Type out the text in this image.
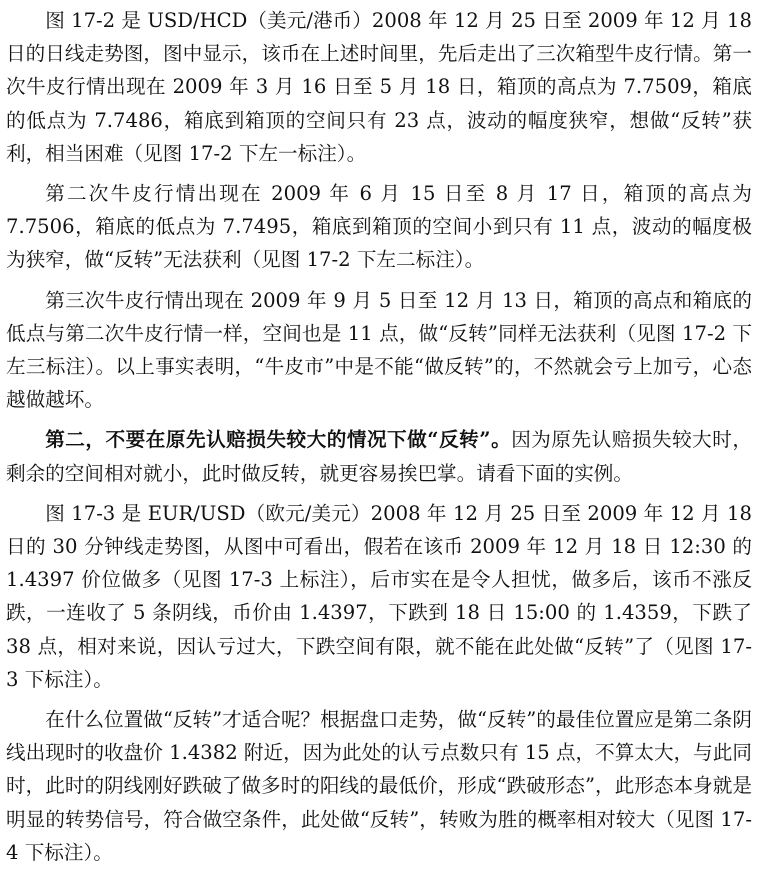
图 17-2 是 USD/HCD（美元/港币）2008 年 12 月 25 日至 2009 年 12 月 18 日的日线走势图，图中显示，该币在上述时间里，先后走出了三次箱型牛皮行情。第一次牛皮行情出现在 2009 年 3 月 16 日至 5 月 18 日，箱顶的高点为 7.7509，箱底的低点为 7.7486，箱底到箱顶的空间只有 23 点，波动的幅度狭窄，想做“反转”获利，相当困难（见图 17-2 下左一标注）。

第二次牛皮行情出现在 2009 年 6 月 15 日至 8 月 17 日，箱顶的高点为 7.7506，箱底的低点为 7.7495，箱底到箱顶的空间小到只有 11 点，波动的幅度极为狭窄，做“反转”无法获利（见图 17-2 下左二标注）。

第三次牛皮行情出现在 2009 年 9 月 5 日至 12 月 13 日，箱顶的高点和箱底的低点与第二次牛皮行情一样，空间也是 11 点，做“反转”同样无法获利（见图 17-2 下左三标注）。以上事实表明，“牛皮市”中是不能“做反转”的，不然就会亏上加亏，心态越做越坏。

第二，不要在原先认赔损失较大的情况下做“反转”。因为原先认赔损失较大时，剩余的空间相对就小，此时做反转，就更容易挨巴掌。请看下面的实例。

图 17-3 是 EUR/USD（欧元/美元）2008 年 12 月 25 日至 2009 年 12 月 18 日的 30 分钟线走势图，从图中可看出，假若在该币 2009 年 12 月 18 日 12:30 的 1.4397 价位做多（见图 17-3 上标注），后市实在是令人担忧，做多后，该币不涨反跌，一连收了 5 条阴线，币价由 1.4397，下跌到 18 日 15:00 的 1.4359，下跌了 38 点，相对来说，因认亏过大，下跌空间有限，就不能在此处做“反转”了（见图 17-3 下标注）。

在什么位置做“反转”才适合呢？根据盘口走势，做“反转”的最佳位置应是第二条阴线出现时的收盘价 1.4382 附近，因为此处的认亏点数只有 15 点，不算太大，与此同时，此时的阴线刚好跌破了做多时的阳线的最低价，形成“跌破形态”，此形态本身就是明显的转势信号，符合做空条件，此处做“反转”，转败为胜的概率相对较大（见图 17-4 下标注）。
